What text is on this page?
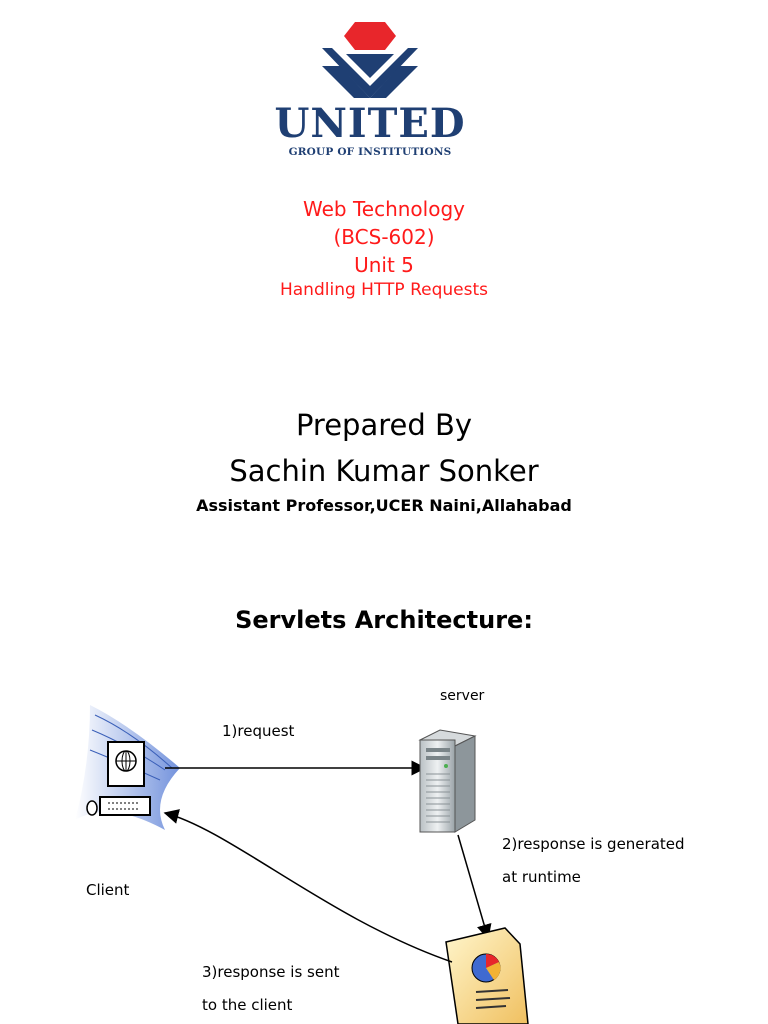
UNITED
GROUP OF INSTITUTIONS
Web Technology
(BCS-602)
Unit 5
Handling HTTP Requests
Prepared By
Sachin Kumar Sonker
Assistant Professor,UCER Naini,Allahabad
Servlets Architecture:
server
1)request
Client
2)response is generated
at runtime
3)response is sent
to the client
